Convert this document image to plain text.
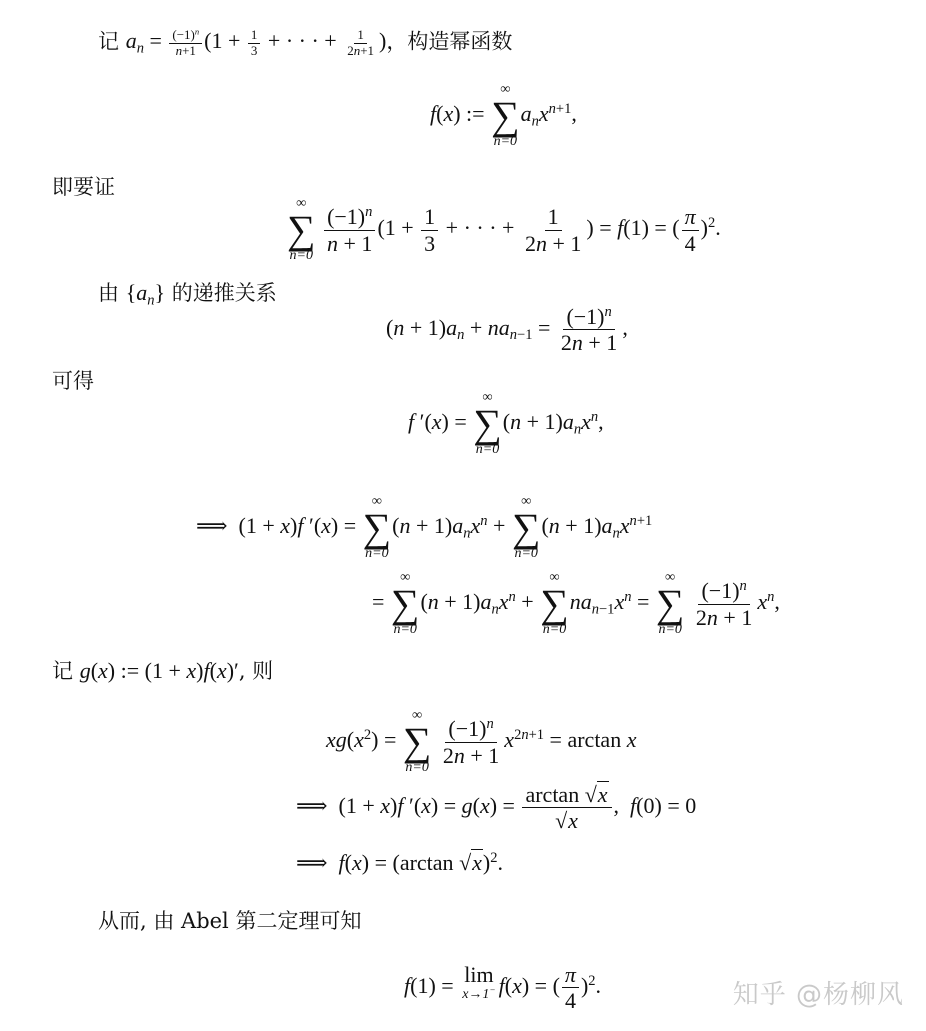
记 $a_n = \frac{(-1)^n}{n+1} (1 + \frac{1}{3}$ + · · · + $\frac{1}{2n+1}$ )，构造幂函数
f(x) :=
∞
∑
n=0
$a_nx^{n+1}$,
即要证
∞
∑
n=0
$\frac{(-1)^n}{n + 1} (1 + \frac{1}{3}$ + · · · + $\frac{1}{2n + 1}$ ) = f(1) = ( $\frac{\pi}{4} )^2$.
由 $\{a_n\}$ 的递推关系
$(n + 1)a_n + na_{n-1} = \frac{(-1)^n}{2n + 1}$ ,
可得
f ′(x) =
∞
∑
n=0
$(n + 1)a_nx^n$,
⟹  (1 + x)f ′(x) =
∞
∑
n=0
$(n + 1)a_nx^n$ +
∞
∑
n=0
$(n + 1)a_nx^{n+1}$
=
∞
∑
n=0
$(n + 1)a_nx^n$ +
∞
∑
n=0
$na_{n-1}x^n$ =
∞
∑
n=0
$\frac{(-1)^n}{2n + 1} x^n$,
记 g(x) := (1 + x)f(x)′, 则
$xg(x^2)$ =
∞
∑
n=0
$\frac{(-1)^n}{2n + 1} x^{2n+1} = \arctan x$
⟹  (1 + x)f $'(x) = g(x) = \frac{\arctan √x}{√x}$ ,  f(0) = 0
⟹  f(x) = (arctan √x)$^2$.
从而, 由 Abel 第二定理可知
f(1) = lim
x→1− f(x) = ( $\frac{\pi}{4} )^2$.	知乎 @杨柳风
